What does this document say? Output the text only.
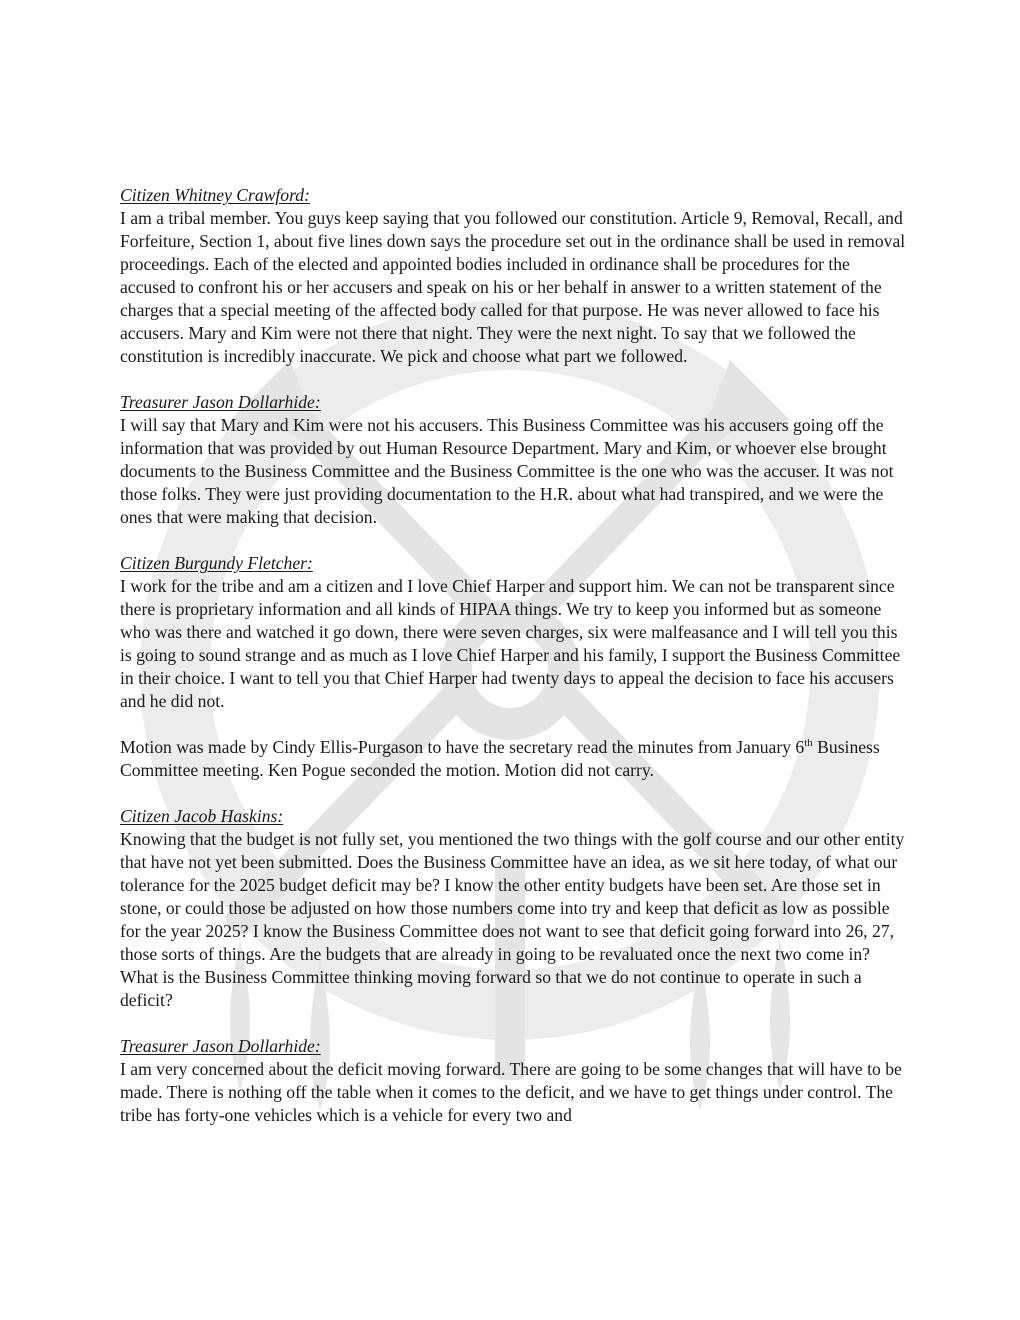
Citizen Whitney Crawford:
I am a tribal member. You guys keep saying that you followed our constitution. Article 9, Removal, Recall, and Forfeiture, Section 1, about five lines down says the procedure set out in the ordinance shall be used in removal proceedings. Each of the elected and appointed bodies included in ordinance shall be procedures for the accused to confront his or her accusers and speak on his or her behalf in answer to a written statement of the charges that a special meeting of the affected body called for that purpose. He was never allowed to face his accusers. Mary and Kim were not there that night. They were the next night. To say that we followed the constitution is incredibly inaccurate. We pick and choose what part we followed.
Treasurer Jason Dollarhide:
I will say that Mary and Kim were not his accusers. This Business Committee was his accusers going off the information that was provided by out Human Resource Department. Mary and Kim, or whoever else brought documents to the Business Committee and the Business Committee is the one who was the accuser. It was not those folks. They were just providing documentation to the H.R. about what had transpired, and we were the ones that were making that decision.
Citizen Burgundy Fletcher:
I work for the tribe and am a citizen and I love Chief Harper and support him. We can not be transparent since there is proprietary information and all kinds of HIPAA things. We try to keep you informed but as someone who was there and watched it go down, there were seven charges, six were malfeasance and I will tell you this is going to sound strange and as much as I love Chief Harper and his family, I support the Business Committee in their choice. I want to tell you that Chief Harper had twenty days to appeal the decision to face his accusers and he did not.
Motion was made by Cindy Ellis-Purgason to have the secretary read the minutes from January 6th Business Committee meeting. Ken Pogue seconded the motion. Motion did not carry.
Citizen Jacob Haskins:
Knowing that the budget is not fully set, you mentioned the two things with the golf course and our other entity that have not yet been submitted. Does the Business Committee have an idea, as we sit here today, of what our tolerance for the 2025 budget deficit may be? I know the other entity budgets have been set. Are those set in stone, or could those be adjusted on how those numbers come into try and keep that deficit as low as possible for the year 2025? I know the Business Committee does not want to see that deficit going forward into 26, 27, those sorts of things. Are the budgets that are already in going to be revaluated once the next two come in? What is the Business Committee thinking moving forward so that we do not continue to operate in such a deficit?
Treasurer Jason Dollarhide:
I am very concerned about the deficit moving forward. There are going to be some changes that will have to be made. There is nothing off the table when it comes to the deficit, and we have to get things under control. The tribe has forty-one vehicles which is a vehicle for every two and
